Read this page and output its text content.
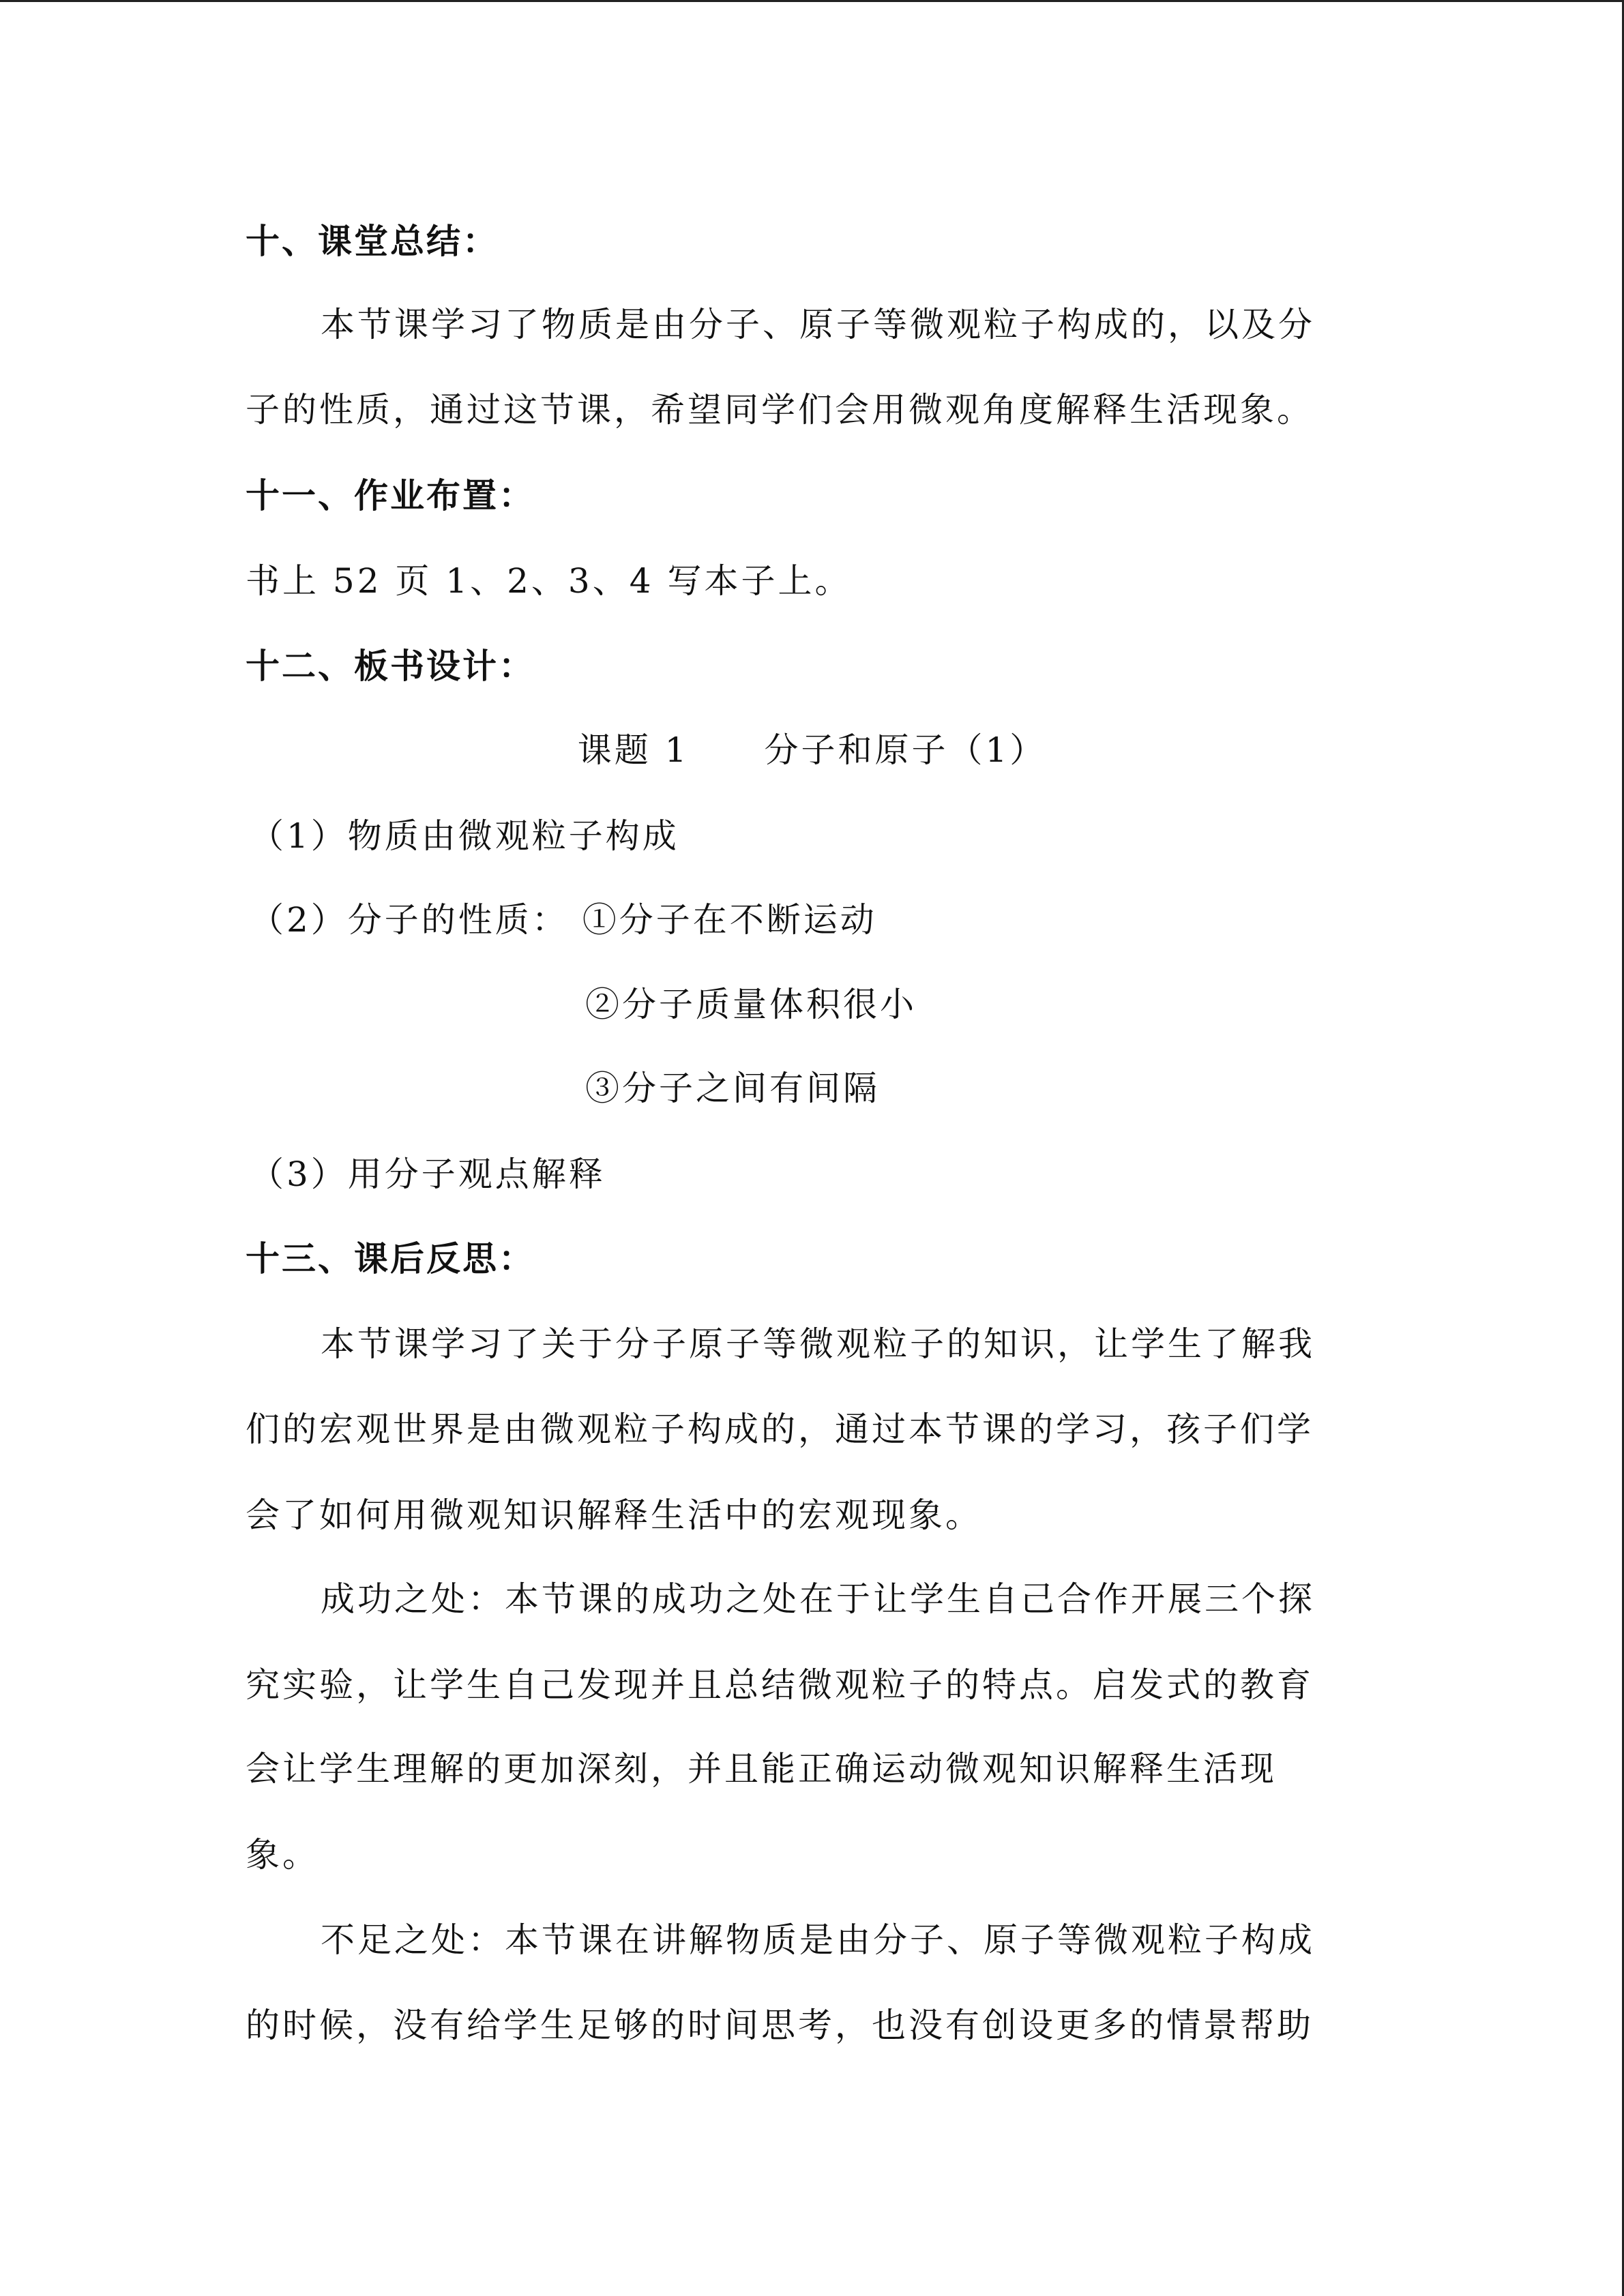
十、课堂总结：
本节课学习了物质是由分子、原子等微观粒子构成的，以及分
子的性质，通过这节课，希望同学们会用微观角度解释生活现象。
十一、作业布置：
书上 52 页 1、2、3、4 写本子上。
十二、板书设计：
课题 1 分子和原子（1）
（1）物质由微观粒子构成
（2）分子的性质： ①分子在不断运动
②分子质量体积很小
③分子之间有间隔
（3）用分子观点解释
十三、课后反思：
本节课学习了关于分子原子等微观粒子的知识，让学生了解我
们的宏观世界是由微观粒子构成的，通过本节课的学习，孩子们学
会了如何用微观知识解释生活中的宏观现象。
成功之处：本节课的成功之处在于让学生自己合作开展三个探
究实验，让学生自己发现并且总结微观粒子的特点。启发式的教育
会让学生理解的更加深刻，并且能正确运动微观知识解释生活现
象。
不足之处：本节课在讲解物质是由分子、原子等微观粒子构成
的时候，没有给学生足够的时间思考，也没有创设更多的情景帮助
